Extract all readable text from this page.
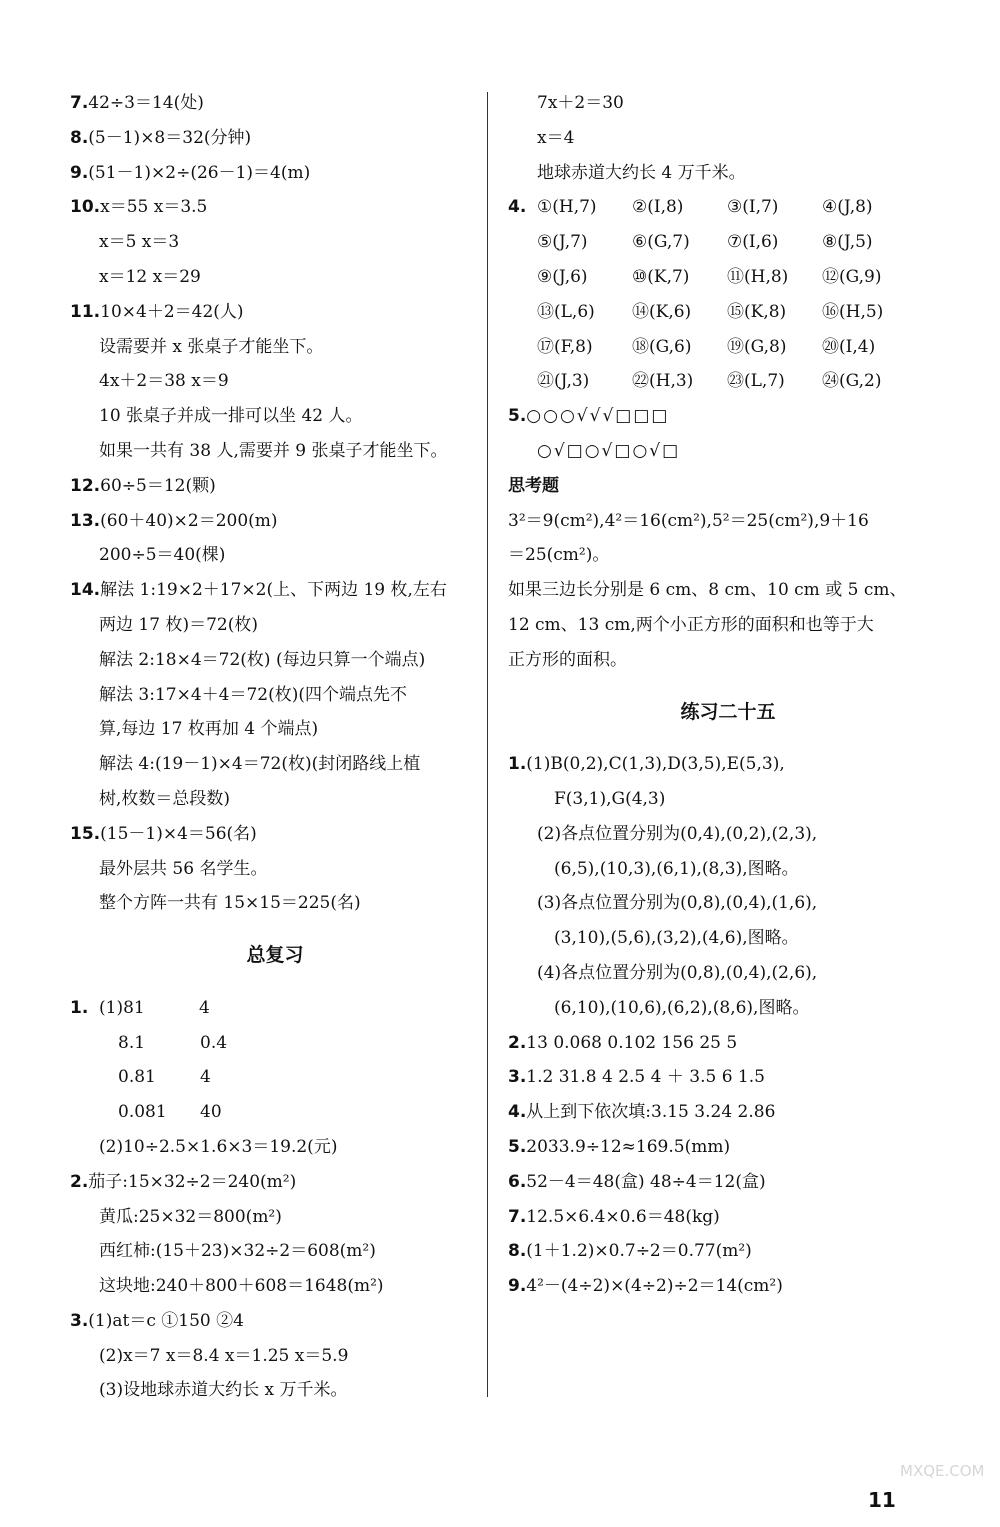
7.42÷3＝14(处)
8.(5－1)×8＝32(分钟)
9.(51－1)×2÷(26－1)＝4(m)
10.x＝55 x＝3.5
x＝5 x＝3
x＝12 x＝29
11.10×4＋2＝42(人)
设需要并 x 张桌子才能坐下。
4x＋2＝38 x＝9
10 张桌子并成一排可以坐 42 人。
如果一共有 38 人,需要并 9 张桌子才能坐下。
12.60÷5＝12(颗)
13.(60＋40)×2＝200(m)
200÷5＝40(棵)
14.解法 1:19×2＋17×2(上、下两边 19 枚,左右
两边 17 枚)＝72(枚)
解法 2:18×4＝72(枚) (每边只算一个端点)
解法 3:17×4＋4＝72(枚)(四个端点先不
算,每边 17 枚再加 4 个端点)
解法 4:(19－1)×4＝72(枚)(封闭路线上植
树,枚数＝总段数)
15.(15－1)×4＝56(名)
最外层共 56 名学生。
整个方阵一共有 15×15＝225(名)
总复习
1. (1)81	4
8.1	0.4
0.81	4
0.081 40
(2)10÷2.5×1.6×3＝19.2(元)
2.茄子:15×32÷2＝240(m²)
黄瓜:25×32＝800(m²)
西红柿:(15＋23)×32÷2＝608(m²)
这块地:240＋800＋608＝1648(m²)
3.(1)at＝c ①150 ②4
(2)x＝7 x＝8.4 x＝1.25 x＝5.9
(3)设地球赤道大约长 x 万千米。
7x＋2＝30
x＝4
地球赤道大约长 4 万千米。
4. ①(H,7) ②(I,8)	③(I,7)	④(J,8)
⑤(J,7)	⑥(G,7) ⑦(I,6)	⑧(J,5)
⑨(J,6)	⑩(K,7) ⑪(H,8) ⑫(G,9)
⑬(L,6) ⑭(K,6) ⑮(K,8) ⑯(H,5)
⑰(F,8) ⑱(G,6) ⑲(G,8) ⑳(I,4)
㉑(J,3)	㉒(H,3) ㉓(L,7) ㉔(G,2)
5.○○○√√√□□□
○√□○√□○√□
思考题
3²＝9(cm²),4²＝16(cm²),5²＝25(cm²),9＋16
＝25(cm²)。
如果三边长分别是 6 cm、8 cm、10 cm 或 5 cm、
12 cm、13 cm,两个小正方形的面积和也等于大
正方形的面积。
练习二十五
1.(1)B(0,2),C(1,3),D(3,5),E(5,3),
F(3,1),G(4,3)
(2)各点位置分别为(0,4),(0,2),(2,3),
(6,5),(10,3),(6,1),(8,3),图略。
(3)各点位置分别为(0,8),(0,4),(1,6),
(3,10),(5,6),(3,2),(4,6),图略。
(4)各点位置分别为(0,8),(0,4),(2,6),
(6,10),(10,6),(6,2),(8,6),图略。
2.13 0.068 0.102 156 25 5
3.1.2 31.8 4 2.5 4 ＋ 3.5 6 1.5
4.从上到下依次填:3.15 3.24 2.86
5.2033.9÷12≈169.5(mm)
6.52－4＝48(盒) 48÷4＝12(盒)
7.12.5×6.4×0.6＝48(kg)
8.(1＋1.2)×0.7÷2＝0.77(m²)
9.4²－(4÷2)×(4÷2)÷2＝14(cm²)
11
MXQE.COM
